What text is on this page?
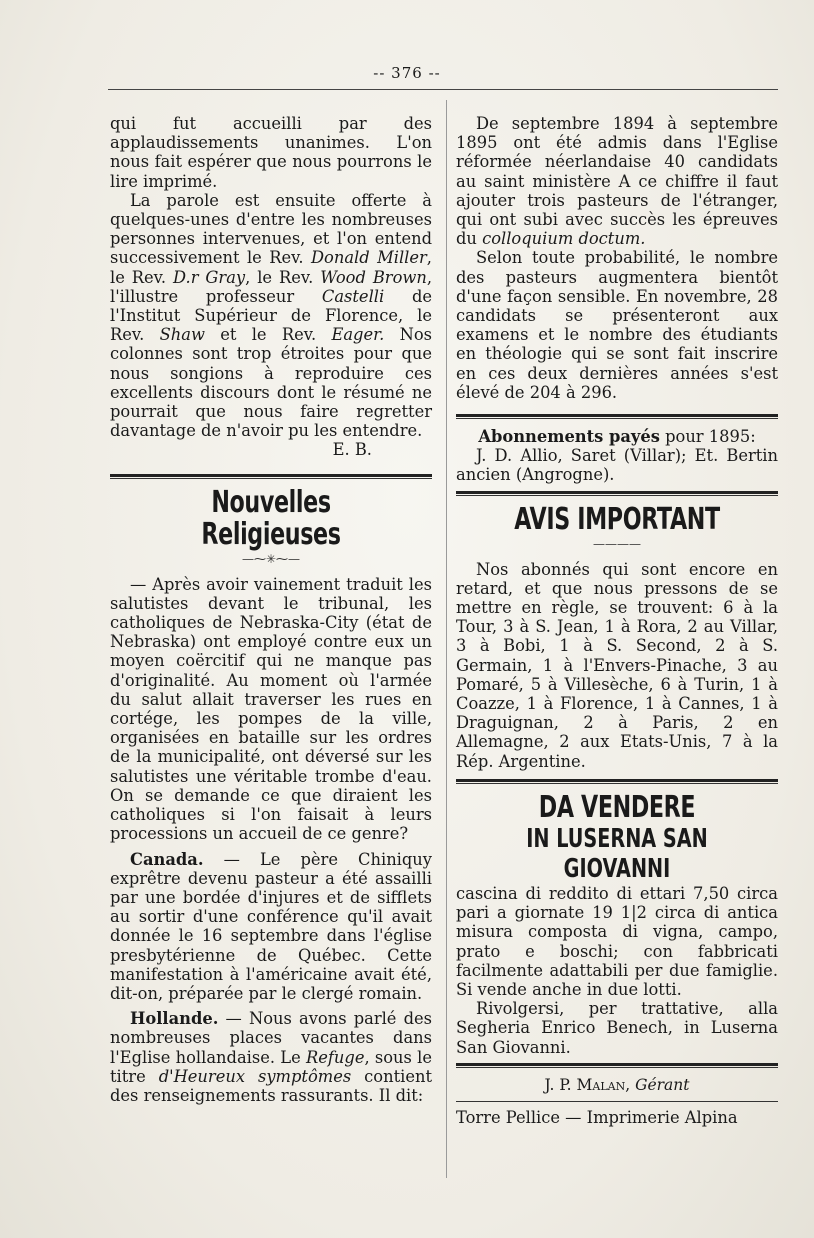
-- 376 --

qui fut accueilli par des applaudissements unanimes. L'on nous fait espérer que nous pourrons le lire imprimé.

La parole est ensuite offerte à quelques-unes d'entre les nombreuses personnes intervenues, et l'on entend successivement le Rev. Donald Miller, le Rev. D.r Gray, le Rev. Wood Brown, l'illustre professeur Castelli de l'Institut Supérieur de Florence, le Rev. Shaw et le Rev. Eager. Nos colonnes sont trop étroites pour que nous songions à reproduire ces excellents discours dont le résumé ne pourrait que nous faire regretter davantage de n'avoir pu les entendre.

E. B.

Nouvelles Religieuses
—⁓✳⁓—

— Après avoir vainement traduit les salutistes devant le tribunal, les catholiques de Nebraska-City (état de Nebraska) ont employé contre eux un moyen coërcitif qui ne manque pas d'originalité. Au moment où l'armée du salut allait traverser les rues en cortége, les pompes de la ville, organisées en bataille sur les ordres de la municipalité, ont déversé sur les salutistes une véritable trombe d'eau. On se demande ce que diraient les catholiques si l'on faisait à leurs processions un accueil de ce genre?

Canada. — Le père Chiniquy exprêtre devenu pasteur a été assailli par une bordée d'injures et de sifflets au sortir d'une conférence qu'il avait donnée le 16 septembre dans l'église presbytérienne de Québec. Cette manifestation à l'américaine avait été, dit-on, préparée par le clergé romain.

Hollande. — Nous avons parlé des nombreuses places vacantes dans l'Eglise hollandaise. Le Refuge, sous le titre d'Heureux symptômes contient des renseignements rassurants. Il dit:

De septembre 1894 à septembre 1895 ont été admis dans l'Eglise réformée néerlandaise 40 candidats au saint ministère A ce chiffre il faut ajouter trois pasteurs de l'étranger, qui ont subi avec succès les épreuves du colloquium doctum.

Selon toute probabilité, le nombre des pasteurs augmentera bientôt d'une façon sensible. En novembre, 28 candidats se présenteront aux examens et le nombre des étudiants en théologie qui se sont fait inscrire en ces deux dernières années s'est élevé de 204 à 296.

Abonnements payés pour 1895:

J. D. Allio, Saret (Villar); Et. Bertin ancien (Angrogne).

AVIS IMPORTANT
————

Nos abonnés qui sont encore en retard, et que nous pressons de se mettre en règle, se trouvent: 6 à la Tour, 3 à S. Jean, 1 à Rora, 2 au Villar, 3 à Bobi, 1 à S. Second, 2 à S. Germain, 1 à l'Envers-Pinache, 3 au Pomaré, 5 à Villesèche, 6 à Turin, 1 à Coazze, 1 à Florence, 1 à Cannes, 1 à Draguignan, 2 à Paris, 2 en Allemagne, 2 aux Etats-Unis, 7 à la Rép. Argentine.

DA VENDERE
IN LUSERNA SAN GIOVANNI

cascina di reddito di ettari 7,50 circa pari a giornate 19 1|2 circa di antica misura composta di vigna, campo, prato e boschi; con fabbricati facilmente adattabili per due famiglie. Si vende anche in due lotti.

Rivolgersi, per trattative, alla Segheria Enrico Benech, in Luserna San Giovanni.

J. P. Malan, Gérant

Torre Pellice — Imprimerie Alpina
